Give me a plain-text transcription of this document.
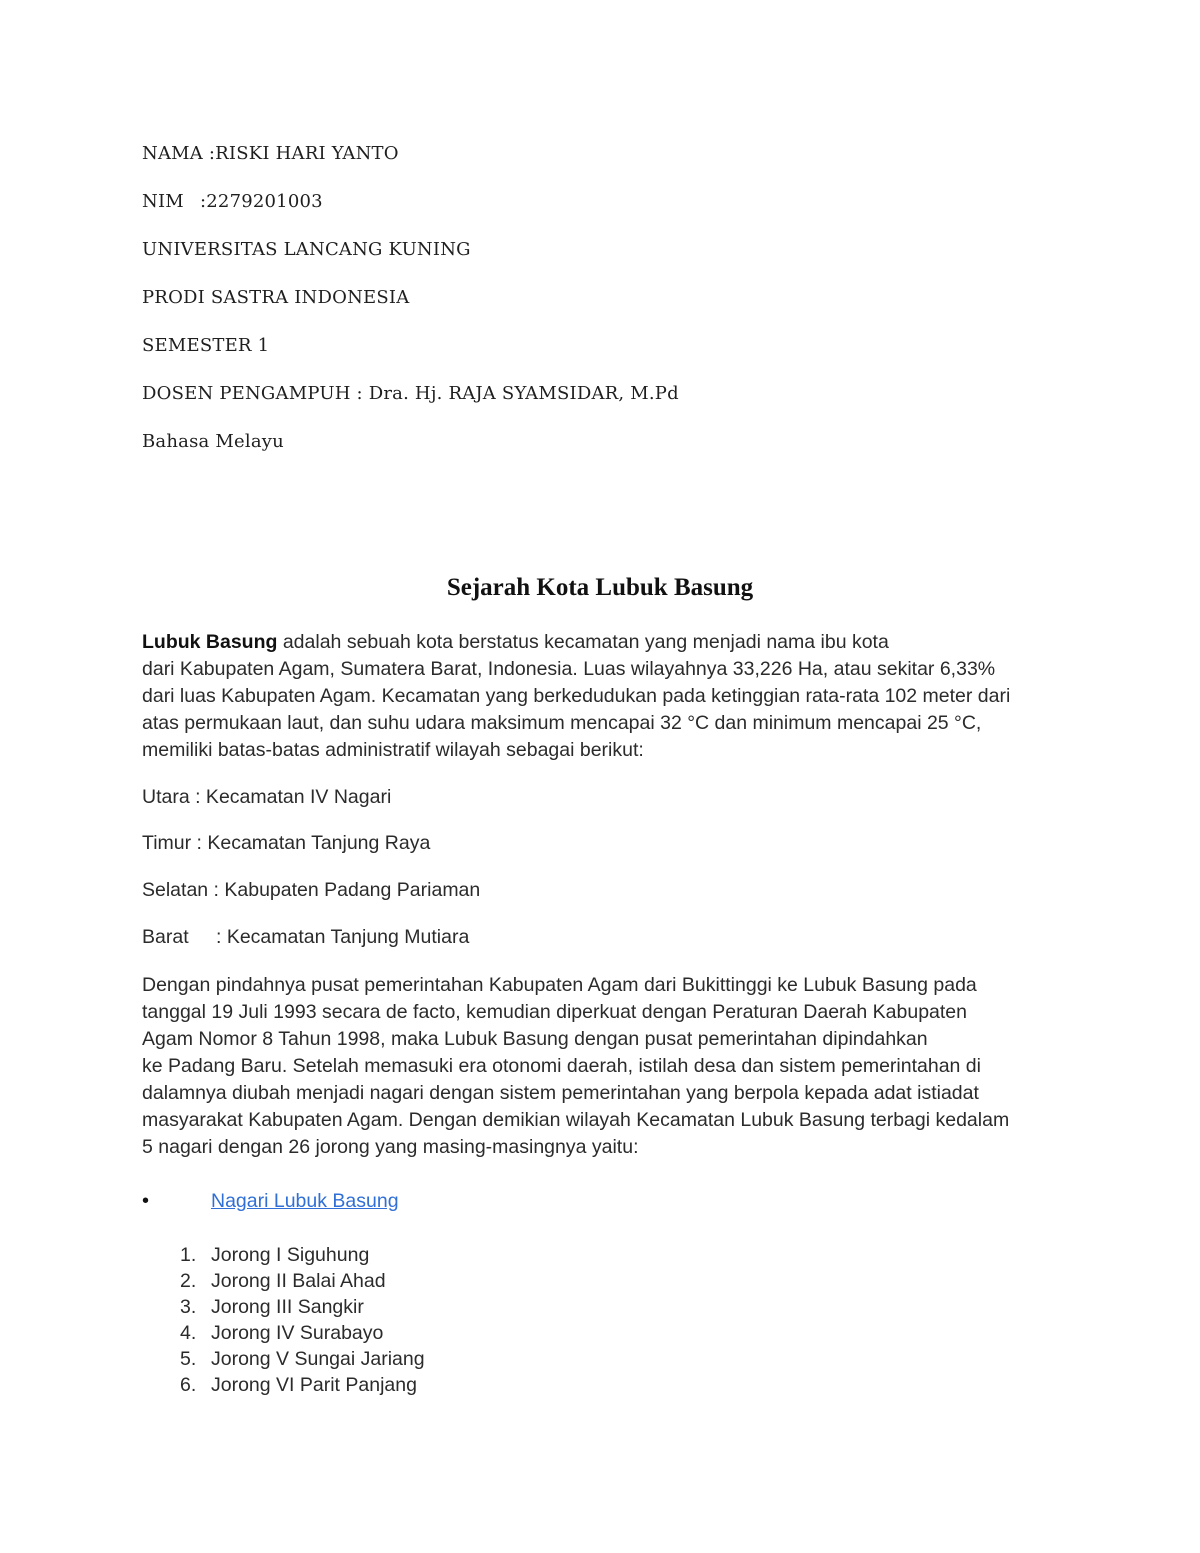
NAMA :RISKI HARI YANTO
NIM :2279201003
UNIVERSITAS LANCANG KUNING
PRODI SASTRA INDONESIA
SEMESTER 1
DOSEN PENGAMPUH : Dra. Hj. RAJA SYAMSIDAR, M.Pd
Bahasa Melayu
Sejarah Kota Lubuk Basung
Lubuk Basung adalah sebuah kota berstatus kecamatan yang menjadi nama ibu kota
dari Kabupaten Agam, Sumatera Barat, Indonesia. Luas wilayahnya 33,226 Ha, atau sekitar 6,33%
dari luas Kabupaten Agam. Kecamatan yang berkedudukan pada ketinggian rata-rata 102 meter dari
atas permukaan laut, dan suhu udara maksimum mencapai 32 °C dan minimum mencapai 25 °C,
memiliki batas-batas administratif wilayah sebagai berikut:
Utara : Kecamatan IV Nagari
Timur : Kecamatan Tanjung Raya
Selatan : Kabupaten Padang Pariaman
Barat : Kecamatan Tanjung Mutiara
Dengan pindahnya pusat pemerintahan Kabupaten Agam dari Bukittinggi ke Lubuk Basung pada
tanggal 19 Juli 1993 secara de facto, kemudian diperkuat dengan Peraturan Daerah Kabupaten
Agam Nomor 8 Tahun 1998, maka Lubuk Basung dengan pusat pemerintahan dipindahkan
ke Padang Baru. Setelah memasuki era otonomi daerah, istilah desa dan sistem pemerintahan di
dalamnya diubah menjadi nagari dengan sistem pemerintahan yang berpola kepada adat istiadat
masyarakat Kabupaten Agam. Dengan demikian wilayah Kecamatan Lubuk Basung terbagi kedalam
5 nagari dengan 26 jorong yang masing-masingnya yaitu:
•	Nagari Lubuk Basung
1. Jorong I Siguhung
2. Jorong II Balai Ahad
3. Jorong III Sangkir
4. Jorong IV Surabayo
5. Jorong V Sungai Jariang
6. Jorong VI Parit Panjang
